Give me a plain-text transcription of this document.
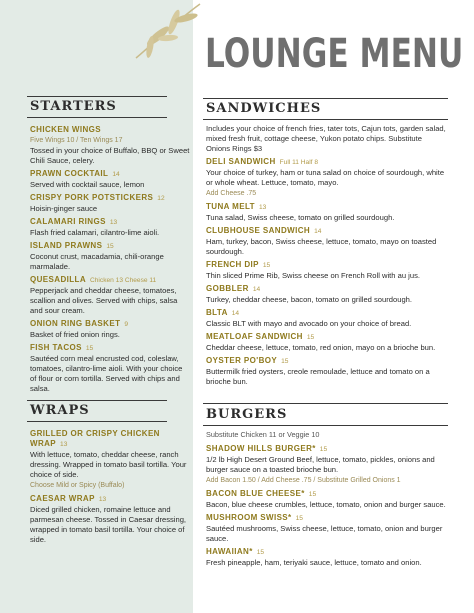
LOUNGE MENU
STARTERS
CHICKEN WINGS
Five Wings 10 / Ten Wings 17
Tossed in your choice of Buffalo, BBQ or Sweet Chili Sauce, celery.
PRAWN COCKTAIL 14
Served with cocktail sauce, lemon
CRISPY PORK POTSTICKERS 12
Hoisin-ginger sauce
CALAMARI RINGS 13
Flash fried calamari, cilantro-lime aioli.
ISLAND PRAWNS 15
Coconut crust, macadamia, chili-orange marmalade.
QUESADILLA Chicken 13 Cheese 11
Pepperjack and cheddar cheese, tomatoes, scallion and olives. Served with chips, salsa and sour cream.
ONION RING BASKET 9
Basket of fried onion rings.
FISH TACOS 15
Sautéed corn meal encrusted cod, coleslaw, tomatoes, cilantro-lime aioli. With your choice of flour or corn tortilla. Served with chips and salsa.
WRAPS
GRILLED OR CRISPY CHICKEN WRAP 13
With lettuce, tomato, cheddar cheese, ranch dressing. Wrapped in tomato basil tortilla. Your choice of side.
Choose Mild or Spicy (Buffalo)
CAESAR WRAP 13
Diced grilled chicken, romaine lettuce and parmesan cheese. Tossed in Caesar dressing, wrapped in tomato basil tortilla. Your choice of side.
SANDWICHES
Includes your choice of french fries, tater tots, Cajun tots, garden salad, mixed fresh fruit, cottage cheese, Yukon potato chips. Substitute Onions Rings $3
DELI SANDWICH Full 11 Half 8
Your choice of turkey, ham or tuna salad on choice of sourdough, white or whole wheat. Lettuce, tomato, mayo.
Add Cheese .75
TUNA MELT 13
Tuna salad, Swiss cheese, tomato on grilled sourdough.
CLUBHOUSE SANDWICH 14
Ham, turkey, bacon, Swiss cheese, lettuce, tomato, mayo on toasted sourdough.
FRENCH DIP 15
Thin sliced Prime Rib, Swiss cheese on French Roll with au jus.
GOBBLER 14
Turkey, cheddar cheese, bacon, tomato on grilled sourdough.
BLTA 14
Classic BLT with mayo and avocado on your choice of bread.
MEATLOAF SANDWICH 15
Cheddar cheese, lettuce, tomato, red onion, mayo on a brioche bun.
OYSTER PO'BOY 15
Buttermilk fried oysters, creole remoulade, lettuce and tomato on a brioche bun.
BURGERS
Substitute Chicken 11 or Veggie 10
SHADOW HILLS BURGER* 15
1/2 lb High Desert Ground Beef, lettuce, tomato, pickles, onions and burger sauce on a toasted brioche bun.
Add Bacon 1.50 / Add Cheese .75 / Substitute Grilled Onions 1
BACON BLUE CHEESE* 15
Bacon, blue cheese crumbles, lettuce, tomato, onion and burger sauce.
MUSHROOM SWISS* 15
Sautéed mushrooms, Swiss cheese, lettuce, tomato, onion and burger sauce.
HAWAIIAN* 15
Fresh pineapple, ham, teriyaki sauce, lettuce, tomato and onion.
